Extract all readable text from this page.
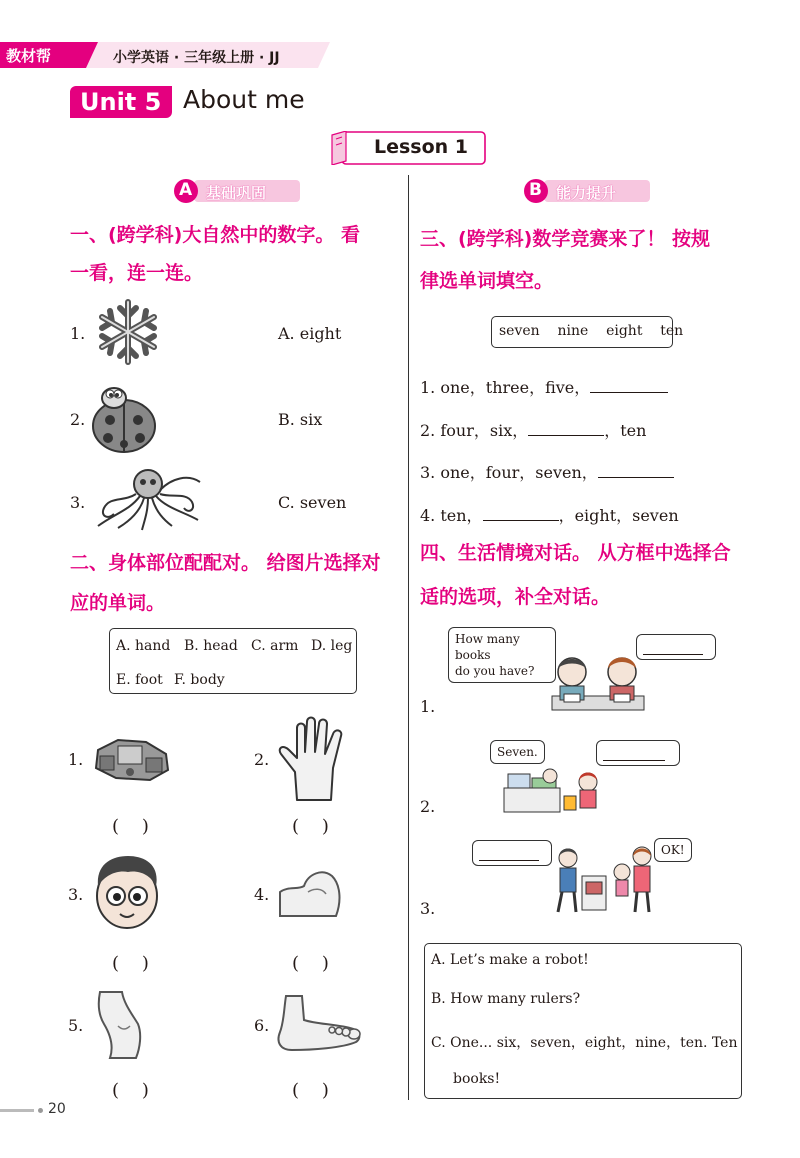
教材帮	小学英语 · 三年级上册 · JJ
Unit 5 About me
Lesson 1
A 基础巩固
一、(跨学科)大自然中的数字。 看
一看，连一连。
1.	A. eight
2.	B. six
3.	C. seven
二、身体部位配配对。 给图片选择对
应的单词。
A. hand B. head C. arm D. leg
E. foot F. body
1.
(    )
2.
(    )
3.
(    )
4.
(    )
5.
(    )
6.
(    )
B 能力提升
三、(跨学科)数学竞赛来了！ 按规
律选单词填空。
seven    nine    eight    ten
1. one，three，five，
2. four，six，	，ten
3. one，four，seven，
4. ten，	，eight，seven
四、生活情境对话。 从方框中选择合
适的选项，补全对话。
1.
How many books
do you have?
2.
Seven.
3.
OK!
A. Let’s make a robot!
B. How many rulers?
C. One... six，seven，eight，nine，ten. Ten
books!
20
